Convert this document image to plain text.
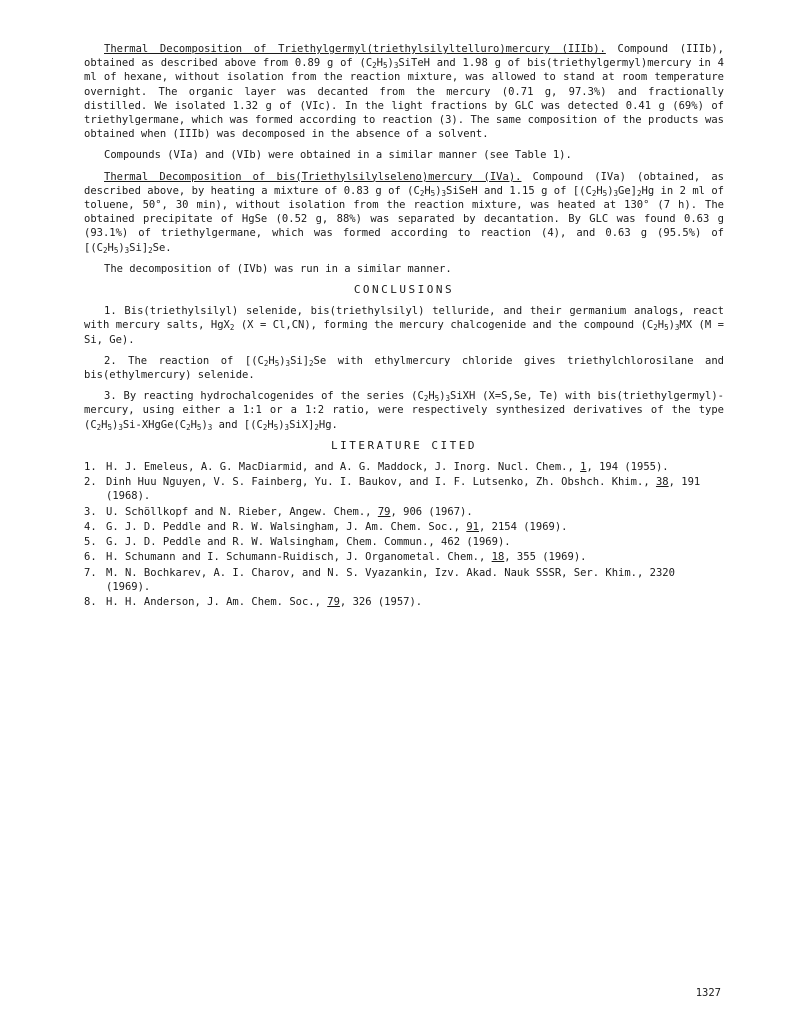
Thermal Decomposition of Triethylgermyl(triethylsilyltelluro)mercury (IIIb). Compound (IIIb), obtained as described above from 0.89 g of $(C_2H_5)_3SiTeH$ and 1.98 g of bis(triethylgermyl)mercury in 4 ml of hexane, without isolation from the reaction mixture, was allowed to stand at room temperature overnight. The organic layer was decanted from the mercury (0.71 g, 97.3%) and fractionally distilled. We isolated 1.32 g of (VIc). In the light fractions by GLC was detected 0.41 g (69%) of triethylgermane, which was formed according to reaction (3). The same composition of the products was obtained when (IIIb) was decomposed in the absence of a solvent.

Compounds (VIa) and (VIb) were obtained in a similar manner (see Table 1).

Thermal Decomposition of bis(Triethylsilylseleno)mercury (IVa). Compound (IVa) (obtained, as described above, by heating a mixture of 0.83 g of $(C_2H_5)_3SiSeH$ and 1.15 g of $[(C_2H_5)_3Ge]_2Hg$ in 2 ml of toluene, 50°, 30 min), without isolation from the reaction mixture, was heated at 130° (7 h). The obtained precipitate of HgSe (0.52 g, 88%) was separated by decantation. By GLC was found 0.63 g (93.1%) of triethylgermane, which was formed according to reaction (4), and 0.63 g (95.5%) of $[(C_2H_5)_3Si]_2Se$.

The decomposition of (IVb) was run in a similar manner.

CONCLUSIONS

1. Bis(triethylsilyl) selenide, bis(triethylsilyl) telluride, and their germanium analogs, react with mercury salts, HgX$_2$ (X = Cl,CN), forming the mercury chalcogenide and the compound $(C_2H_5)_3MX$ (M = Si, Ge).

2. The reaction of $[(C_2H_5)_3Si]_2Se$ with ethylmercury chloride gives triethylchlorosilane and bis(ethylmercury) selenide.

3. By reacting hydrochalcogenides of the series $(C_2H_5)_3SiXH$ (X=S,Se, Te) with bis(triethylgermyl)-mercury, using either a 1:1 or a 1:2 ratio, were respectively synthesized derivatives of the type $(C_2H_5)_3Si-XHgGe(C_2H_5)_3$ and $[(C_2H_5)_3SiX]_2Hg$.

LITERATURE CITED
1. H. J. Emeleus, A. G. MacDiarmid, and A. G. Maddock, J. Inorg. Nucl. Chem., 1, 194 (1955).
2. Dinh Huu Nguyen, V. S. Fainberg, Yu. I. Baukov, and I. F. Lutsenko, Zh. Obshch. Khim., 38, 191 (1968).
3. U. Schöllkopf and N. Rieber, Angew. Chem., 79, 906 (1967).
4. G. J. D. Peddle and R. W. Walsingham, J. Am. Chem. Soc., 91, 2154 (1969).
5. G. J. D. Peddle and R. W. Walsingham, Chem. Commun., 462 (1969).
6. H. Schumann and I. Schumann-Ruidisch, J. Organometal. Chem., 18, 355 (1969).
7. M. N. Bochkarev, A. I. Charov, and N. S. Vyazankin, Izv. Akad. Nauk SSSR, Ser. Khim., 2320 (1969).
8. H. H. Anderson, J. Am. Chem. Soc., 79, 326 (1957).
1327
